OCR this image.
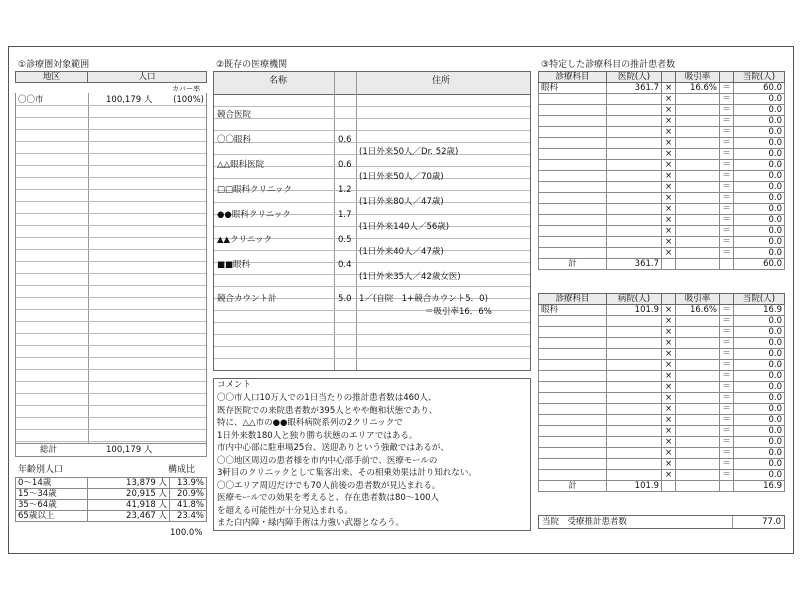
①診療圏対象範囲
地区	人口
カバー率
〇〇市	100,179 人 (100%)
総計	100,179 人
年齢別人口	構成比
0～14歳	13,879 人	13.9%
15～34歳	20,915 人	20.9%
35～64歳	41,918 人	41.8%
65歳以上	23,467 人	23.4%
100.0%
②既存の医療機関
名称	住所
競合医院
〇〇眼科	0.6
(1日外来50人／Dr. 52歳)
△△眼科医院	0.6
(1日外来50人／70歳)
□□眼科クリニック	1.2
(1日外来80人／47歳)
●●眼科クリニック	1.7
(1日外来140人／56歳)
▲▲クリニック	0.5
(1日外来40人／47歳)
■■眼科	0.4
(1日外来35人／42歳女医)
競合カウント計	5.0 1／(自院　1+競合カウント5．0)
＝吸引率16．6%
コメント
〇〇市人口10万人での1日当たりの推計患者数は460人、
既存医院での来院患者数が395人とやや飽和状態であり、
特に、△△市の●●眼科病院系列の2クリニックで
1日外来数180人と独り勝ち状態のエリアではある。
市内中心部に駐車場25台、送迎ありという強敵ではあるが、
〇〇地区周辺の患者様を市内中心部手前で、医療モールの
3軒目のクリニックとして集客出来、その相乗効果は計り知れない。
〇〇エリア周辺だけでも70人前後の患者数が見込まれる。
医療モールでの効果を考えると、存在患者数は80～100人
を超える可能性が十分見込まれる。
また白内障・緑内障手術は力強い武器となろう。
③特定した診療科目の推計患者数
診療科目	医院(人)		吸引率		当院(人)
眼科	361.7	×	16.6%	＝	60.0
		×		＝	0.0
		×		＝	0.0
		×		＝	0.0
		×		＝	0.0
		×		＝	0.0
		×		＝	0.0
		×		＝	0.0
		×		＝	0.0
		×		＝	0.0
		×		＝	0.0
		×		＝	0.0
		×		＝	0.0
		×		＝	0.0
		×		＝	0.0
		×		＝	0.0
計	361.7				60.0
診療科目	病院(人)		吸引率		当院(人)
眼科	101.9	×	16.6%	＝	16.9
		×		＝	0.0
		×		＝	0.0
		×		＝	0.0
		×		＝	0.0
		×		＝	0.0
		×		＝	0.0
		×		＝	0.0
		×		＝	0.0
		×		＝	0.0
		×		＝	0.0
		×		＝	0.0
		×		＝	0.0
		×		＝	0.0
		×		＝	0.0
		×		＝	0.0
計	101.9				16.9
当院　受療推計患者数	77.0
